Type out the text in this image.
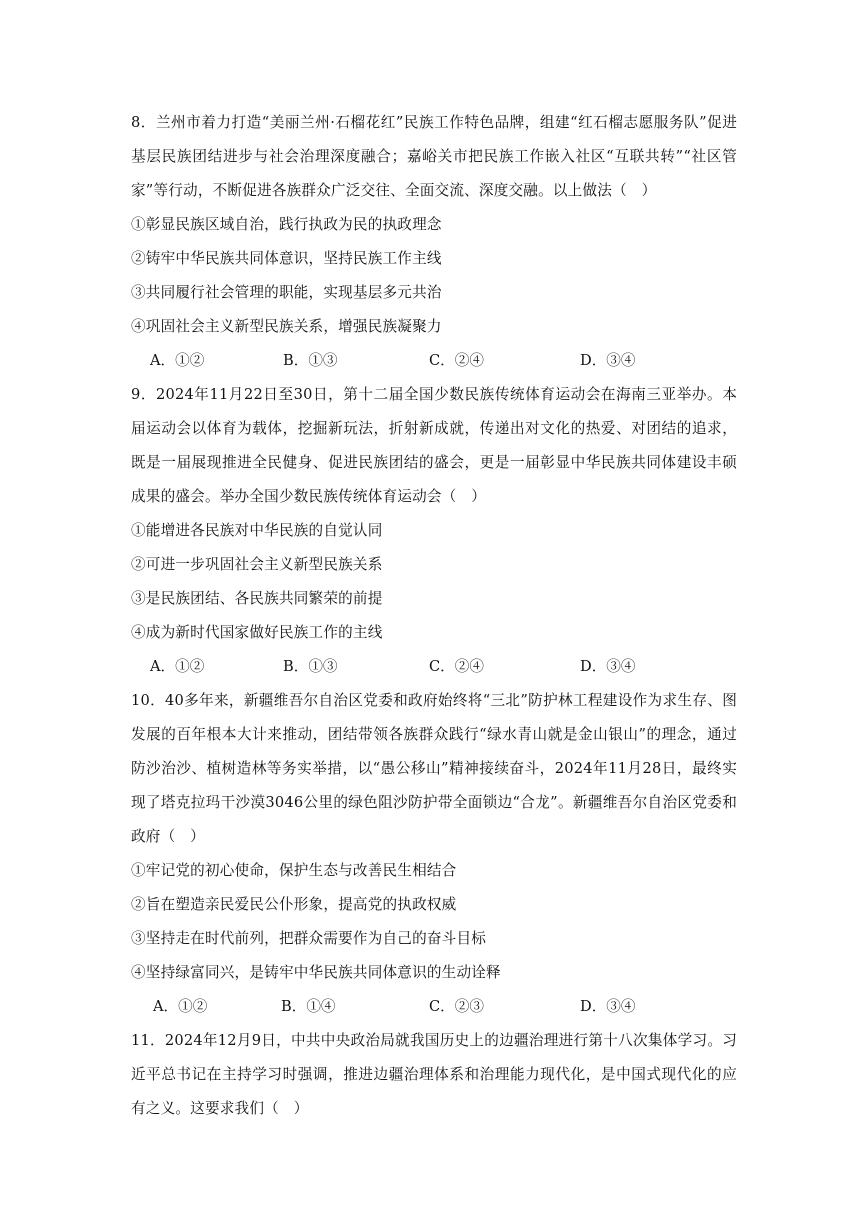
8．兰州市着力打造“美丽兰州·石榴花红”民族工作特色品牌，组建“红石榴志愿服务队”促进基层民族团结进步与社会治理深度融合；嘉峪关市把民族工作嵌入社区“互联共转”“社区管家”等行动，不断促进各族群众广泛交往、全面交流、深度交融。以上做法（　）

①彰显民族区域自治，践行执政为民的执政理念

②铸牢中华民族共同体意识，坚持民族工作主线

③共同履行社会管理的职能，实现基层多元共治

④巩固社会主义新型民族关系，增强民族凝聚力

A．①②	B．①③	C．②④	D．③④

9．2024年11月22日至30日，第十二届全国少数民族传统体育运动会在海南三亚举办。本届运动会以体育为载体，挖掘新玩法，折射新成就，传递出对文化的热爱、对团结的追求，既是一届展现推进全民健身、促进民族团结的盛会，更是一届彰显中华民族共同体建设丰硕成果的盛会。举办全国少数民族传统体育运动会（　）

①能增进各民族对中华民族的自觉认同

②可进一步巩固社会主义新型民族关系

③是民族团结、各民族共同繁荣的前提

④成为新时代国家做好民族工作的主线

A．①②	B．①③	C．②④	D．③④

10．40多年来，新疆维吾尔自治区党委和政府始终将“三北”防护林工程建设作为求生存、图发展的百年根本大计来推动，团结带领各族群众践行“绿水青山就是金山银山”的理念，通过防沙治沙、植树造林等务实举措，以“愚公移山”精神接续奋斗，2024年11月28日，最终实现了塔克拉玛干沙漠3046公里的绿色阻沙防护带全面锁边“合龙”。新疆维吾尔自治区党委和政府（　）

①牢记党的初心使命，保护生态与改善民生相结合

②旨在塑造亲民爱民公仆形象，提高党的执政权威

③坚持走在时代前列，把群众需要作为自己的奋斗目标

④坚持绿富同兴，是铸牢中华民族共同体意识的生动诠释

A．①②	B．①④	C．②③	D．③④

11．2024年12月9日，中共中央政治局就我国历史上的边疆治理进行第十八次集体学习。习近平总书记在主持学习时强调，推进边疆治理体系和治理能力现代化，是中国式现代化的应有之义。这要求我们（　）
